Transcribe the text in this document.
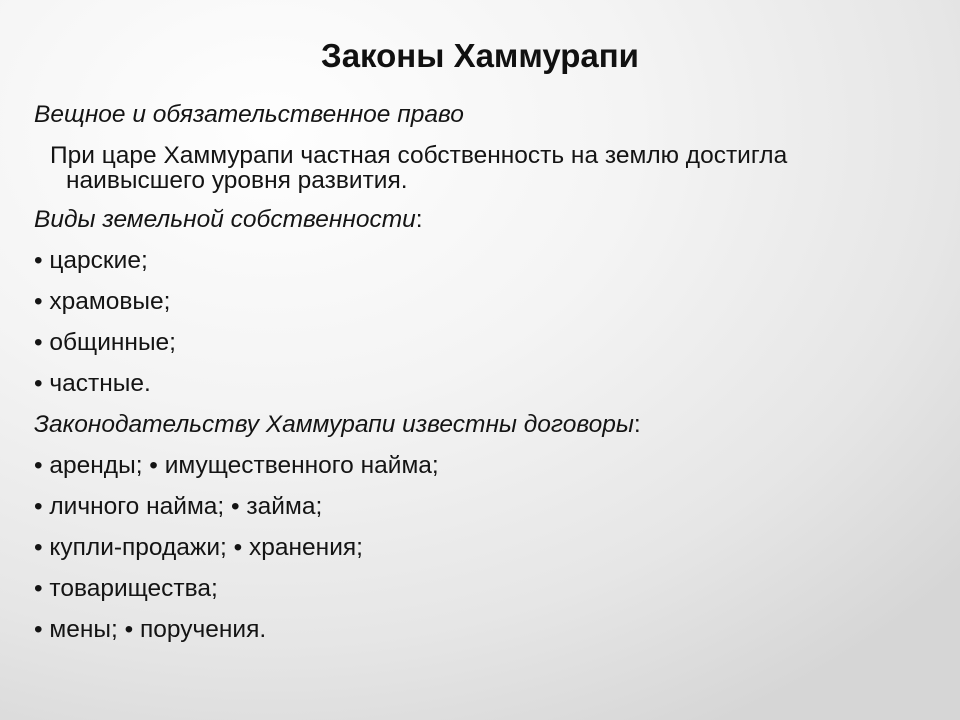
Законы Хаммурапи
Вещное и обязательственное право
При царе Хаммурапи частная собственность на землю достигла наивысшего уровня развития.
Виды земельной собственности:
• царские;
• храмовые;
• общинные;
• частные.
Законодательству Хаммурапи известны договоры:
• аренды; • имущественного найма;
• личного найма; • займа;
• купли-продажи; • хранения;
• товарищества;
• мены; • поручения.
